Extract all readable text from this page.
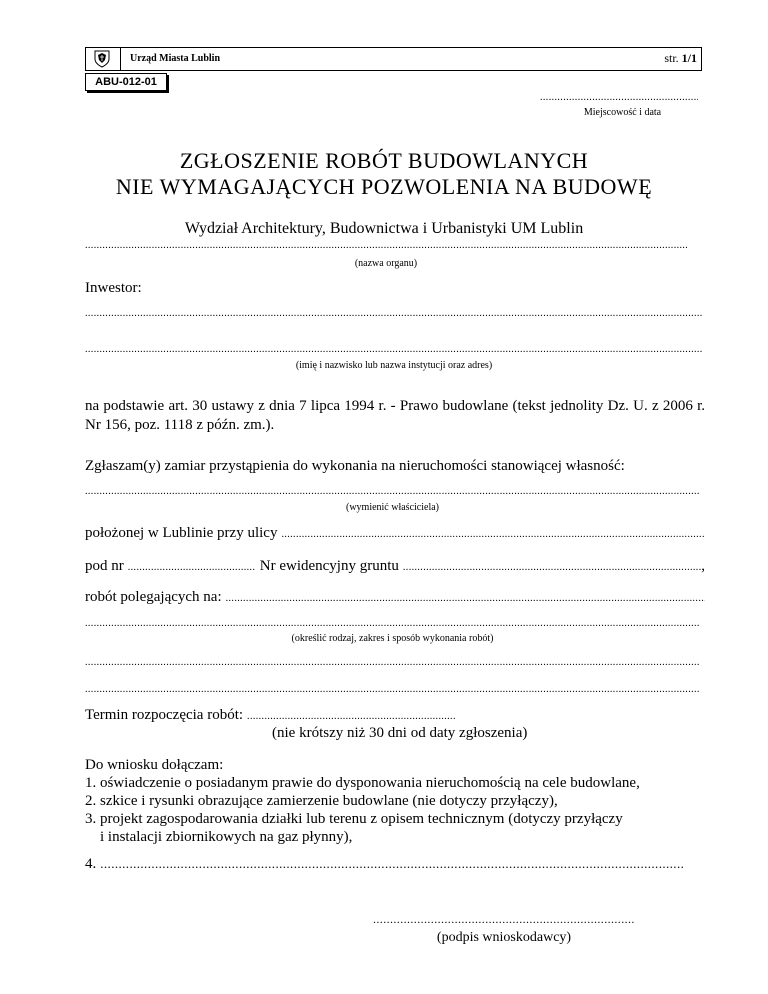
Urząd Miasta Lublin	str. 1/1
ABU-012-01
.....
Miejscowość i data
ZGŁOSZENIE ROBÓT BUDOWLANYCH
NIE WYMAGAJĄCYCH POZWOLENIA NA BUDOWĘ
Wydział Architektury, Budownictwa i Urbanistyki UM Lublin
.....
(nazwa organu)
Inwestor:
.....
.....
(imię i nazwisko lub nazwa instytucji oraz adres)
na podstawie art. 30 ustawy z dnia 7 lipca 1994 r. - Prawo budowlane (tekst jednolity Dz. U. z 2006 r. Nr 156, poz. 1118 z późn. zm.).
Zgłaszam(y) zamiar przystąpienia do wykonania na nieruchomości stanowiącej własność:
.....
(wymienić właściciela)
położonej w Lublinie przy ulicy
.....
pod nr .....	Nr ewidencyjny gruntu .....	,
robót polegających na:
.....
.....
(określić rodzaj, zakres i sposób wykonania robót)
.....
.....
Termin rozpoczęcia robót:
.....
(nie krótszy niż 30 dni od daty zgłoszenia)
Do wniosku dołączam:
1. oświadczenie o posiadanym prawie do dysponowania nieruchomością na cele budowlane,
2. szkice i rysunki obrazujące zamierzenie budowlane (nie dotyczy przyłączy),
3. projekt zagospodarowania działki lub terenu z opisem technicznym (dotyczy przyłączy
i instalacji zbiornikowych na gaz płynny),
4.
.....
.....
(podpis wnioskodawcy)
